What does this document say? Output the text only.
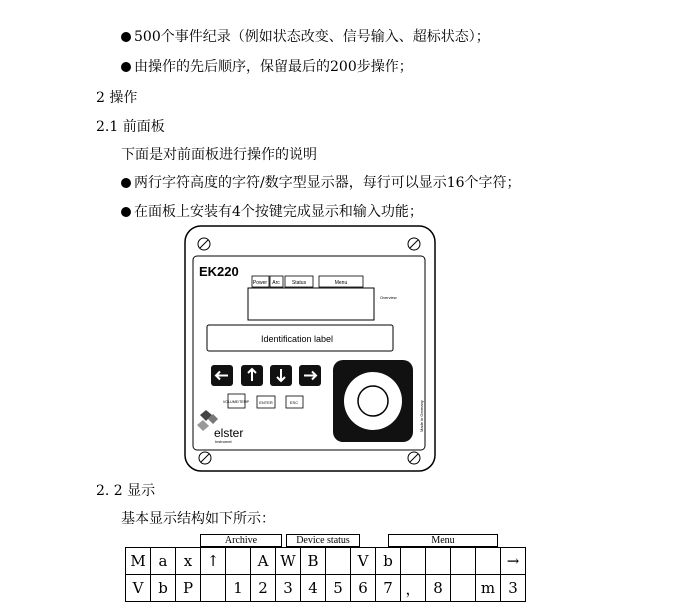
500个事件纪录（例如状态改变、信号输入、超标状态）；
由操作的先后顺序，保留最后的200步操作；
2 操作
2.1 前面板
下面是对前面板进行操作的说明
两行字符高度的字符/数字型显示器，每行可以显示16个字符；
在面板上安装有4个按键完成显示和输入功能；
EK220
Power Arc Status	Menu
Overview
Identification label
VOLUME/TEMP	ENTER	ESC	Made in Germany
elster
Instromet
2. 2 显示
基本显示结构如下所示：
Archive	Device status	Menu
M	a	x	↑		A	W	B		V	b					→
V	b	P		1	2	3	4	5	6	7	，	8		m	3
